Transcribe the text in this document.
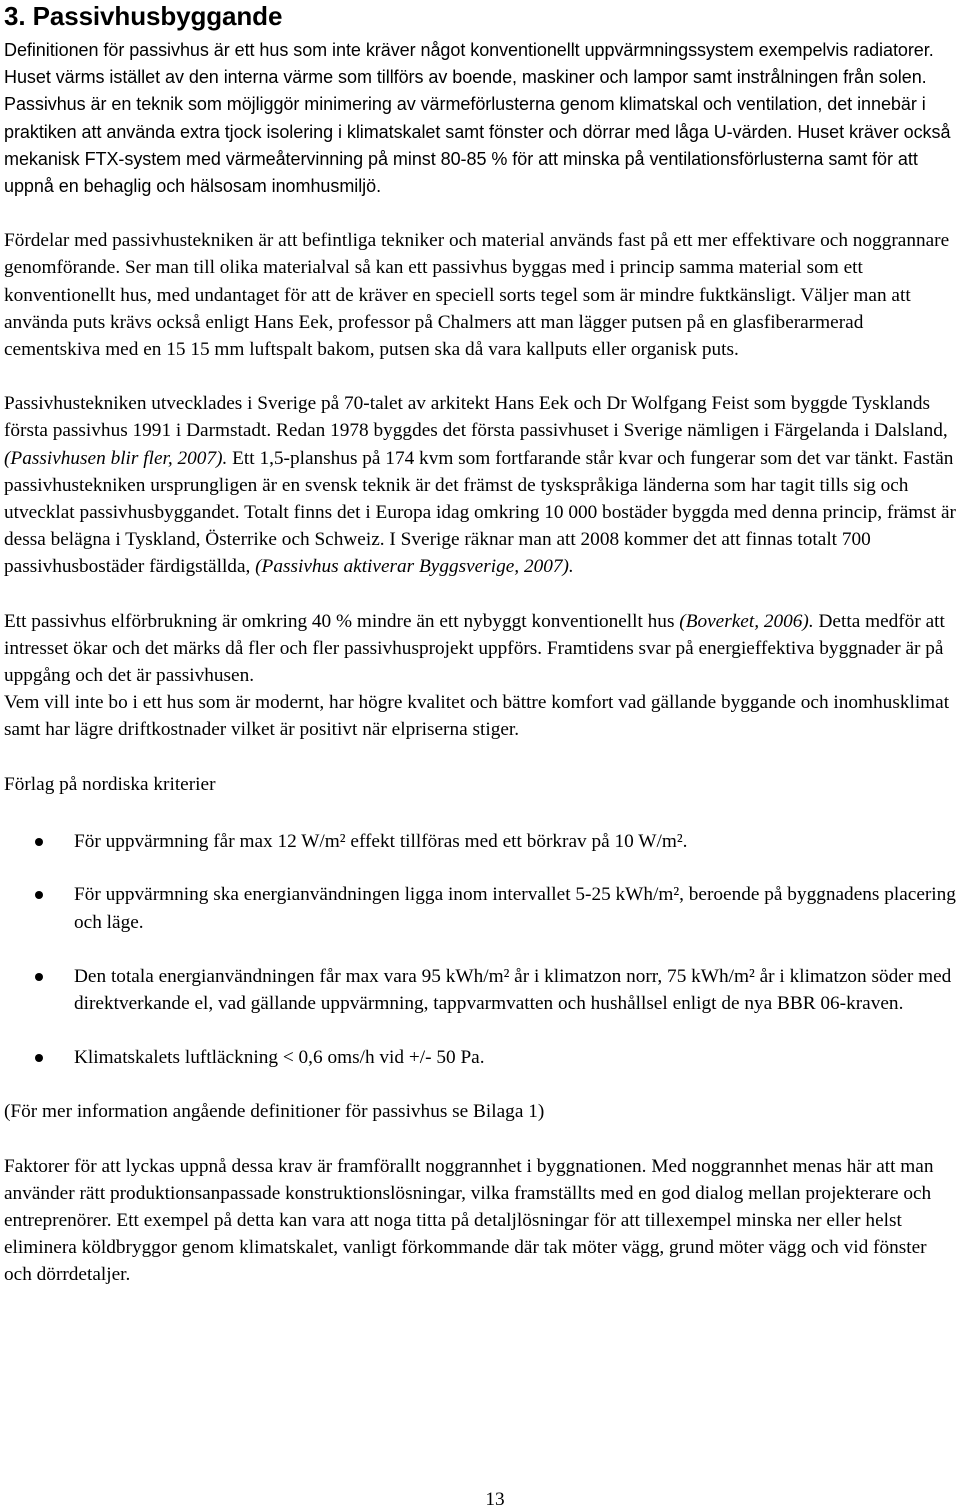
3. Passivhusbyggande

Definitionen för passivhus är ett hus som inte kräver något konventionellt uppvärmningssystem exempelvis radiatorer. Huset värms istället av den interna värme som tillförs av boende, maskiner och lampor samt instrålningen från solen. Passivhus är en teknik som möjliggör minimering av värmeförlusterna genom klimatskal och ventilation, det innebär i praktiken att använda extra tjock isolering i klimatskalet samt fönster och dörrar med låga U-värden. Huset kräver också mekanisk FTX-system med värmeåtervinning på minst 80-85 % för att minska på ventilationsförlusterna samt för att uppnå en behaglig och hälsosam inomhusmiljö.

Fördelar med passivhustekniken är att befintliga tekniker och material används fast på ett mer effektivare och noggrannare genomförande. Ser man till olika materialval så kan ett passivhus byggas med i princip samma material som ett konventionellt hus, med undantaget för att de kräver en speciell sorts tegel som är mindre fuktkänsligt. Väljer man att använda puts krävs också enligt Hans Eek, professor på Chalmers att man lägger putsen på en glasfiberarmerad cementskiva med en 15 15 mm luftspalt bakom, putsen ska då vara kallputs eller organisk puts.

Passivhustekniken utvecklades i Sverige på 70-talet av arkitekt Hans Eek och Dr Wolfgang Feist som byggde Tysklands första passivhus 1991 i Darmstadt. Redan 1978 byggdes det första passivhuset i Sverige nämligen i Färgelanda i Dalsland, (Passivhusen blir fler, 2007). Ett 1,5-planshus på 174 kvm som fortfarande står kvar och fungerar som det var tänkt. Fastän passivhustekniken ursprungligen är en svensk teknik är det främst de tyskspråkiga länderna som har tagit tills sig och utvecklat passivhusbyggandet. Totalt finns det i Europa idag omkring 10 000 bostäder byggda med denna princip, främst är dessa belägna i Tyskland, Österrike och Schweiz. I Sverige räknar man att 2008 kommer det att finnas totalt 700 passivhusbostäder färdigställda, (Passivhus aktiverar Byggsverige, 2007).

Ett passivhus elförbrukning är omkring 40 % mindre än ett nybyggt konventionellt hus (Boverket, 2006). Detta medför att intresset ökar och det märks då fler och fler passivhusprojekt uppförs. Framtidens svar på energieffektiva byggnader är på uppgång och det är passivhusen.
Vem vill inte bo i ett hus som är modernt, har högre kvalitet och bättre komfort vad gällande byggande och inomhusklimat samt har lägre driftkostnader vilket är positivt när elpriserna stiger.

Förlag på nordiska kriterier

För uppvärmning får max 12 W/m² effekt tillföras med ett börkrav på 10 W/m².
För uppvärmning ska energianvändningen ligga inom intervallet 5-25 kWh/m², beroende på byggnadens placering och läge.
Den totala energianvändningen får max vara 95 kWh/m² år i klimatzon norr, 75 kWh/m² år i klimatzon söder med direktverkande el, vad gällande uppvärmning, tappvarmvatten och hushållsel enligt de nya BBR 06-kraven.
Klimatskalets luftläckning < 0,6 oms/h vid +/- 50 Pa.

(För mer information angående definitioner för passivhus se Bilaga 1)

Faktorer för att lyckas uppnå dessa krav är framförallt noggrannhet i byggnationen. Med noggrannhet menas här att man använder rätt produktionsanpassade konstruktionslösningar, vilka framställts med en god dialog mellan projekterare och entreprenörer. Ett exempel på detta kan vara att noga titta på detaljlösningar för att tillexempel minska ner eller helst eliminera köldbryggor genom klimatskalet, vanligt förkommande där tak möter vägg, grund möter vägg och vid fönster och dörrdetaljer.

13
